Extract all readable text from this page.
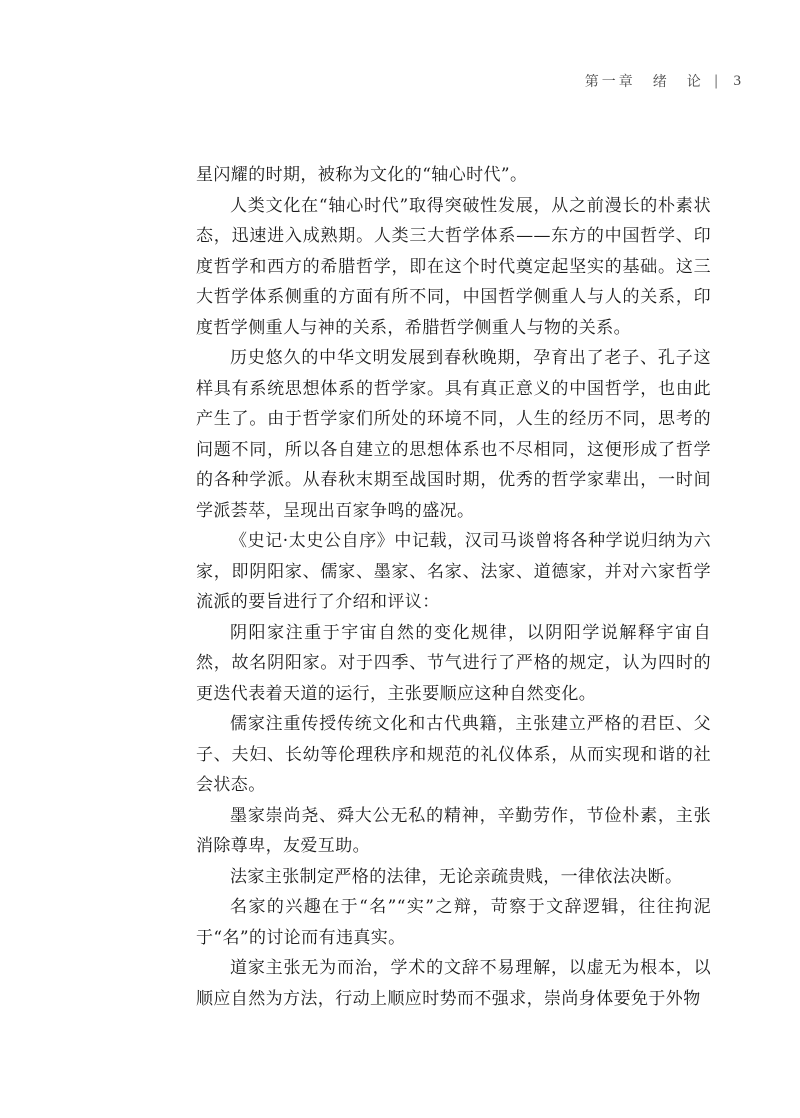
第一章　绪　论 | 3

星闪耀的时期，被称为文化的“轴心时代”。

人类文化在“轴心时代”取得突破性发展，从之前漫长的朴素状态，迅速进入成熟期。人类三大哲学体系——东方的中国哲学、印度哲学和西方的希腊哲学，即在这个时代奠定起坚实的基础。这三大哲学体系侧重的方面有所不同，中国哲学侧重人与人的关系，印度哲学侧重人与神的关系，希腊哲学侧重人与物的关系。

历史悠久的中华文明发展到春秋晚期，孕育出了老子、孔子这样具有系统思想体系的哲学家。具有真正意义的中国哲学，也由此产生了。由于哲学家们所处的环境不同，人生的经历不同，思考的问题不同，所以各自建立的思想体系也不尽相同，这便形成了哲学的各种学派。从春秋末期至战国时期，优秀的哲学家辈出，一时间学派荟萃，呈现出百家争鸣的盛况。

《史记·太史公自序》中记载，汉司马谈曾将各种学说归纳为六家，即阴阳家、儒家、墨家、名家、法家、道德家，并对六家哲学流派的要旨进行了介绍和评议：

阴阳家注重于宇宙自然的变化规律，以阴阳学说解释宇宙自然，故名阴阳家。对于四季、节气进行了严格的规定，认为四时的更迭代表着天道的运行，主张要顺应这种自然变化。

儒家注重传授传统文化和古代典籍，主张建立严格的君臣、父子、夫妇、长幼等伦理秩序和规范的礼仪体系，从而实现和谐的社会状态。

墨家崇尚尧、舜大公无私的精神，辛勤劳作，节俭朴素，主张消除尊卑，友爱互助。

法家主张制定严格的法律，无论亲疏贵贱，一律依法决断。

名家的兴趣在于“名”“实”之辩，苛察于文辞逻辑，往往拘泥于“名”的讨论而有违真实。

道家主张无为而治，学术的文辞不易理解，以虚无为根本，以顺应自然为方法，行动上顺应时势而不强求，崇尚身体要免于外物
